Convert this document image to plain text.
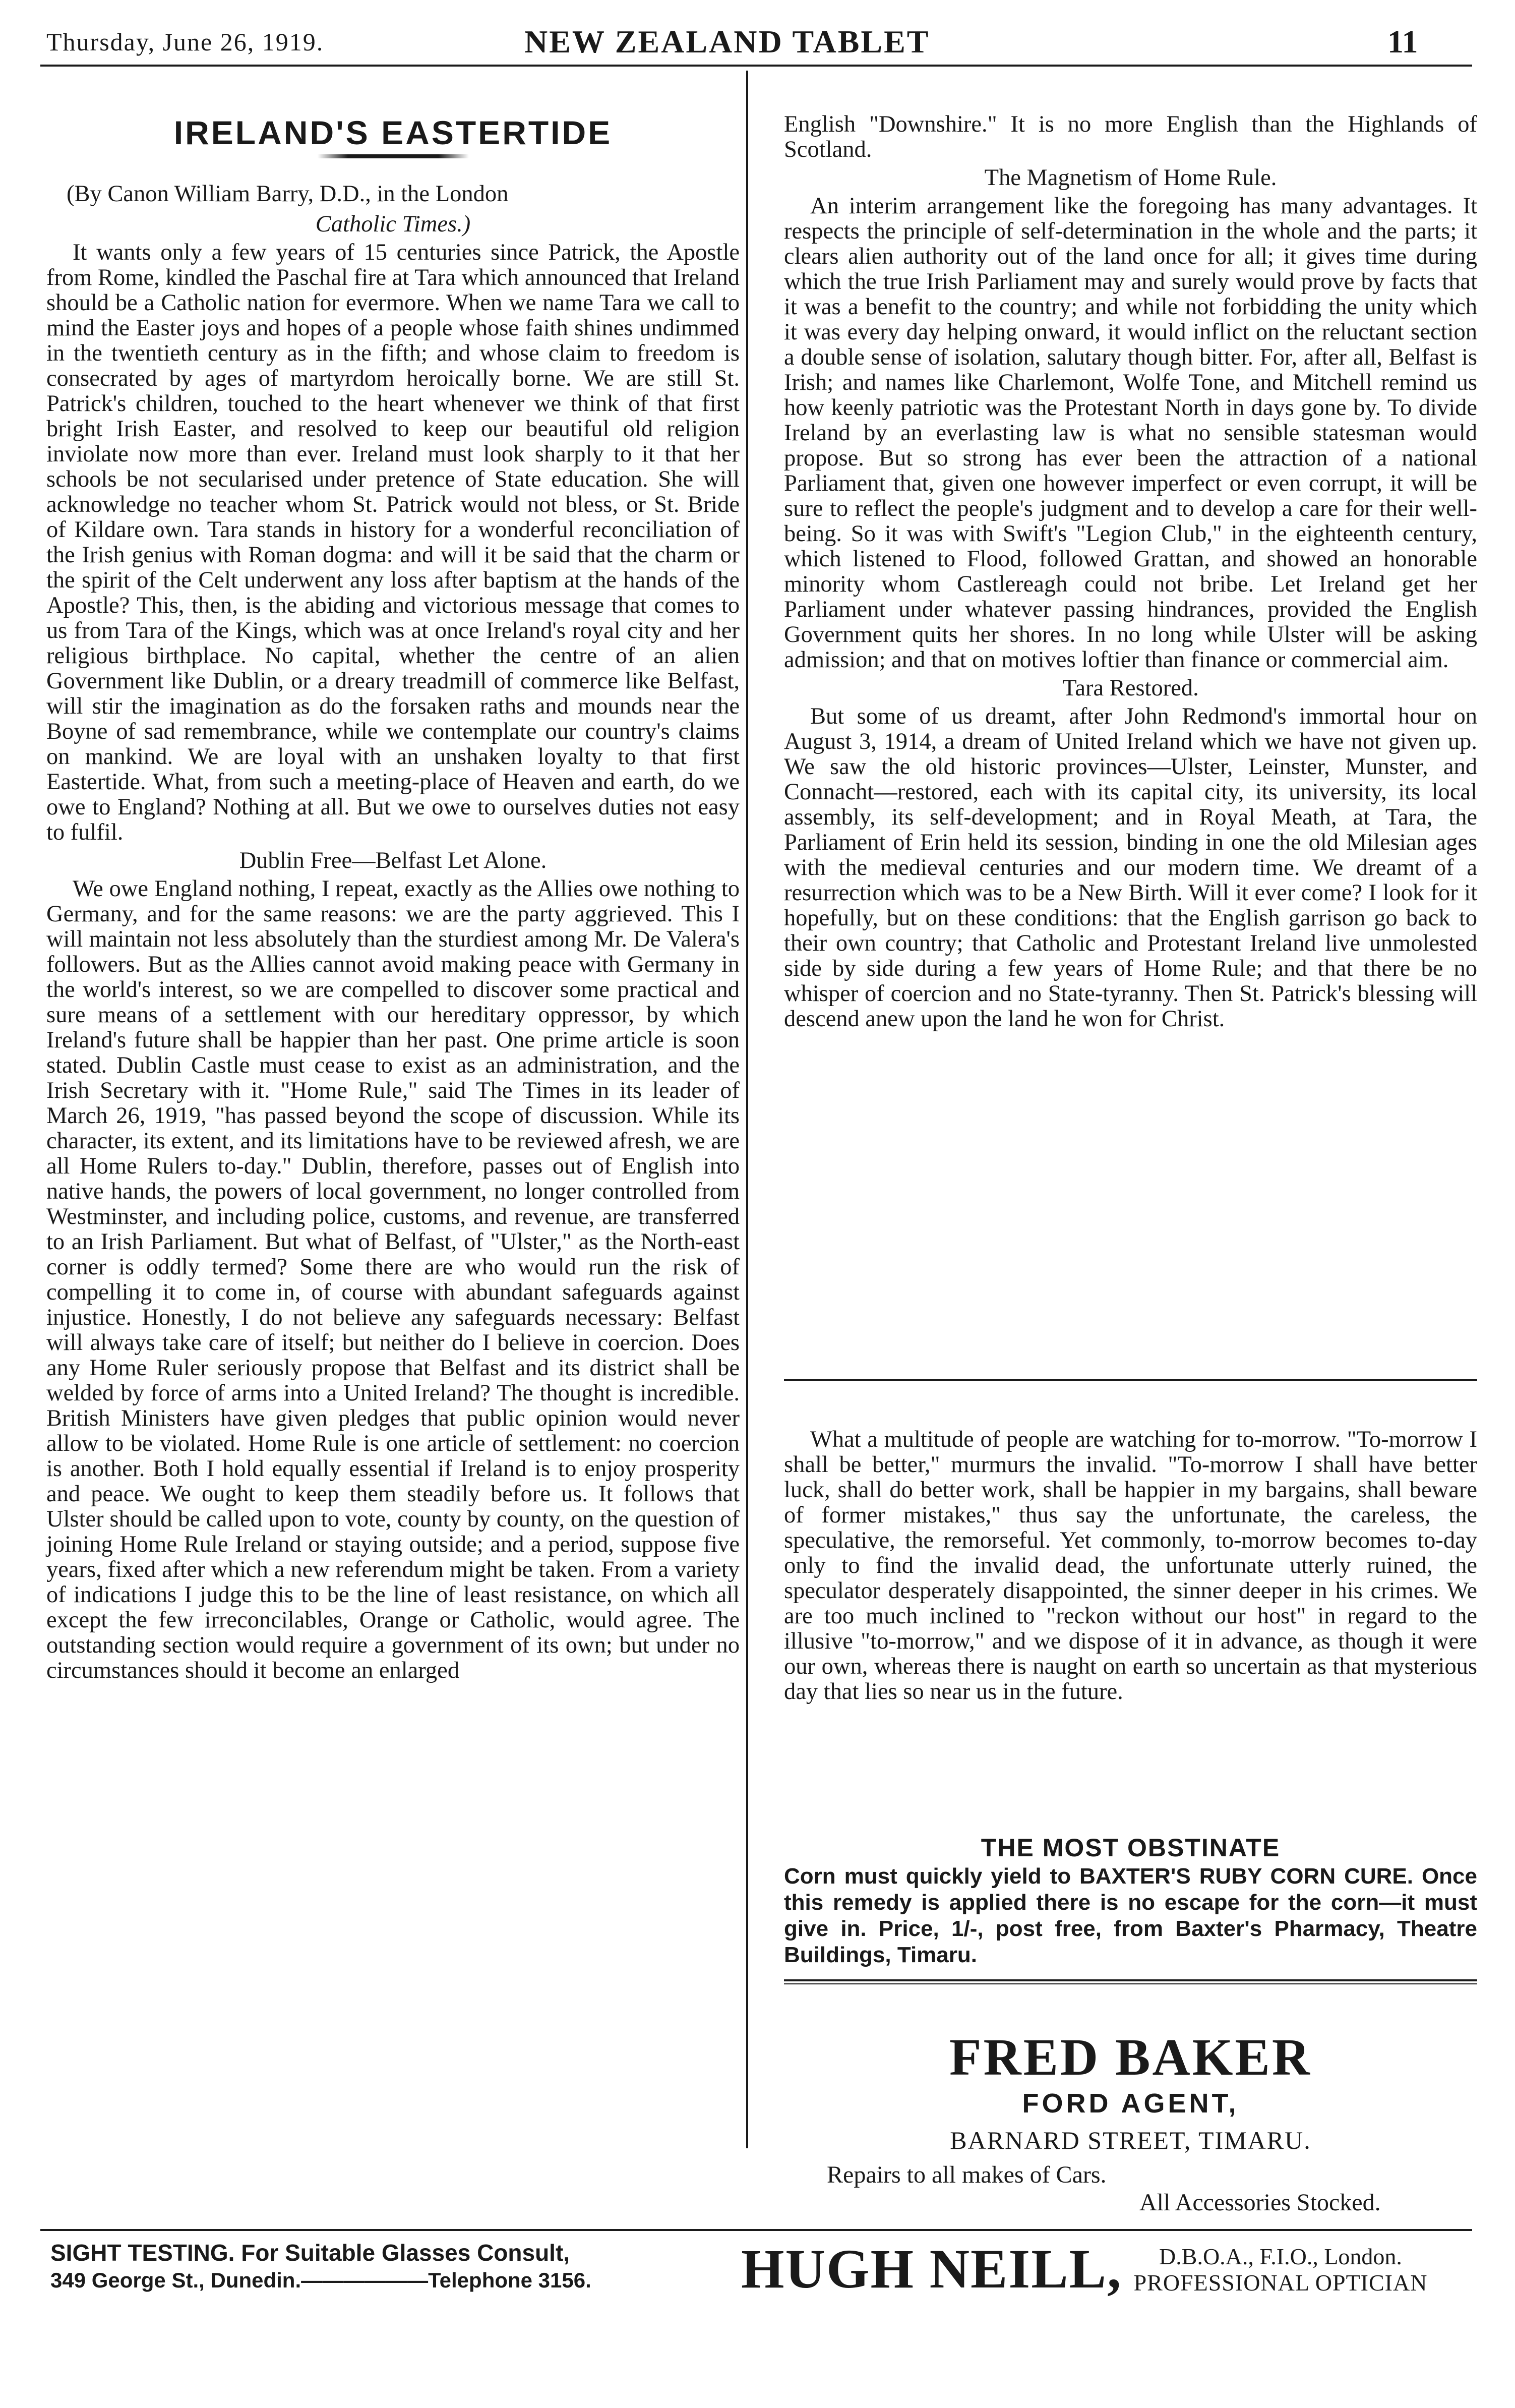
Thursday, June 26, 1919.	NEW ZEALAND TABLET	11
IRELAND'S EASTERTIDE
(By Canon William Barry, D.D., in the London
Catholic Times.)

It wants only a few years of 15 centuries since Patrick, the Apostle from Rome, kindled the Paschal fire at Tara which announced that Ireland should be a Catholic nation for evermore. When we name Tara we call to mind the Easter joys and hopes of a people whose faith shines undimmed in the twentieth century as in the fifth; and whose claim to freedom is consecrated by ages of martyrdom heroically borne. We are still St. Patrick's children, touched to the heart whenever we think of that first bright Irish Easter, and resolved to keep our beautiful old religion inviolate now more than ever. Ireland must look sharply to it that her schools be not secularised under pretence of State education. She will acknowledge no teacher whom St. Patrick would not bless, or St. Bride of Kildare own. Tara stands in history for a wonderful reconciliation of the Irish genius with Roman dogma: and will it be said that the charm or the spirit of the Celt underwent any loss after baptism at the hands of the Apostle? This, then, is the abiding and victorious message that comes to us from Tara of the Kings, which was at once Ireland's royal city and her religious birthplace. No capital, whether the centre of an alien Government like Dublin, or a dreary treadmill of commerce like Belfast, will stir the imagination as do the forsaken raths and mounds near the Boyne of sad remembrance, while we contemplate our country's claims on mankind. We are loyal with an unshaken loyalty to that first Eastertide. What, from such a meeting-place of Heaven and earth, do we owe to England? Nothing at all. But we owe to ourselves duties not easy to fulfil.

Dublin Free—Belfast Let Alone.

We owe England nothing, I repeat, exactly as the Allies owe nothing to Germany, and for the same reasons: we are the party aggrieved. This I will maintain not less absolutely than the sturdiest among Mr. De Valera's followers. But as the Allies cannot avoid making peace with Germany in the world's interest, so we are compelled to discover some practical and sure means of a settlement with our hereditary oppressor, by which Ireland's future shall be happier than her past. One prime article is soon stated. Dublin Castle must cease to exist as an administration, and the Irish Secretary with it. "Home Rule," said The Times in its leader of March 26, 1919, "has passed beyond the scope of discussion. While its character, its extent, and its limitations have to be reviewed afresh, we are all Home Rulers to-day." Dublin, therefore, passes out of English into native hands, the powers of local government, no longer controlled from Westminster, and including police, customs, and revenue, are transferred to an Irish Parliament. But what of Belfast, of "Ulster," as the North-east corner is oddly termed? Some there are who would run the risk of compelling it to come in, of course with abundant safeguards against injustice. Honestly, I do not believe any safeguards necessary: Belfast will always take care of itself; but neither do I believe in coercion. Does any Home Ruler seriously propose that Belfast and its district shall be welded by force of arms into a United Ireland? The thought is incredible. British Ministers have given pledges that public opinion would never allow to be violated. Home Rule is one article of settlement: no coercion is another. Both I hold equally essential if Ireland is to enjoy prosperity and peace. We ought to keep them steadily before us. It follows that Ulster should be called upon to vote, county by county, on the question of joining Home Rule Ireland or staying outside; and a period, suppose five years, fixed after which a new referendum might be taken. From a variety of indications I judge this to be the line of least resistance, on which all except the few irreconcilables, Orange or Catholic, would agree. The outstanding section would require a government of its own; but under no circumstances should it become an enlarged

English "Downshire." It is no more English than the Highlands of Scotland.

The Magnetism of Home Rule.

An interim arrangement like the foregoing has many advantages. It respects the principle of self-determination in the whole and the parts; it clears alien authority out of the land once for all; it gives time during which the true Irish Parliament may and surely would prove by facts that it was a benefit to the country; and while not forbidding the unity which it was every day helping onward, it would inflict on the reluctant section a double sense of isolation, salutary though bitter. For, after all, Belfast is Irish; and names like Charlemont, Wolfe Tone, and Mitchell remind us how keenly patriotic was the Protestant North in days gone by. To divide Ireland by an everlasting law is what no sensible statesman would propose. But so strong has ever been the attraction of a national Parliament that, given one however imperfect or even corrupt, it will be sure to reflect the people's judgment and to develop a care for their well-being. So it was with Swift's "Legion Club," in the eighteenth century, which listened to Flood, followed Grattan, and showed an honorable minority whom Castlereagh could not bribe. Let Ireland get her Parliament under whatever passing hindrances, provided the English Government quits her shores. In no long while Ulster will be asking admission; and that on motives loftier than finance or commercial aim.

Tara Restored.

But some of us dreamt, after John Redmond's immortal hour on August 3, 1914, a dream of United Ireland which we have not given up. We saw the old historic provinces—Ulster, Leinster, Munster, and Connacht—restored, each with its capital city, its university, its local assembly, its self-development; and in Royal Meath, at Tara, the Parliament of Erin held its session, binding in one the old Milesian ages with the medieval centuries and our modern time. We dreamt of a resurrection which was to be a New Birth. Will it ever come? I look for it hopefully, but on these conditions: that the English garrison go back to their own country; that Catholic and Protestant Ireland live unmolested side by side during a few years of Home Rule; and that there be no whisper of coercion and no State-tyranny. Then St. Patrick's blessing will descend anew upon the land he won for Christ.

What a multitude of people are watching for to-morrow. "To-morrow I shall be better," murmurs the invalid. "To-morrow I shall have better luck, shall do better work, shall be happier in my bargains, shall beware of former mistakes," thus say the unfortunate, the careless, the speculative, the remorseful. Yet commonly, to-morrow becomes to-day only to find the invalid dead, the unfortunate utterly ruined, the speculator desperately disappointed, the sinner deeper in his crimes. We are too much inclined to "reckon without our host" in regard to the illusive "to-morrow," and we dispose of it in advance, as though it were our own, whereas there is naught on earth so uncertain as that mysterious day that lies so near us in the future.

THE MOST OBSTINATE
Corn must quickly yield to BAXTER'S RUBY CORN CURE. Once this remedy is applied there is no escape for the corn—it must give in. Price, 1/-, post free, from Baxter's Pharmacy, Theatre Buildings, Timaru.
FRED BAKER
FORD AGENT,
BARNARD STREET, TIMARU.
Repairs to all makes of Cars.
All Accessories Stocked.
SIGHT TESTING. For Suitable Glasses Consult,
349 George St., Dunedin.——————Telephone 3156.	HUGH NEILL,	D.B.O.A., F.I.O., London.
PROFESSIONAL OPTICIAN
